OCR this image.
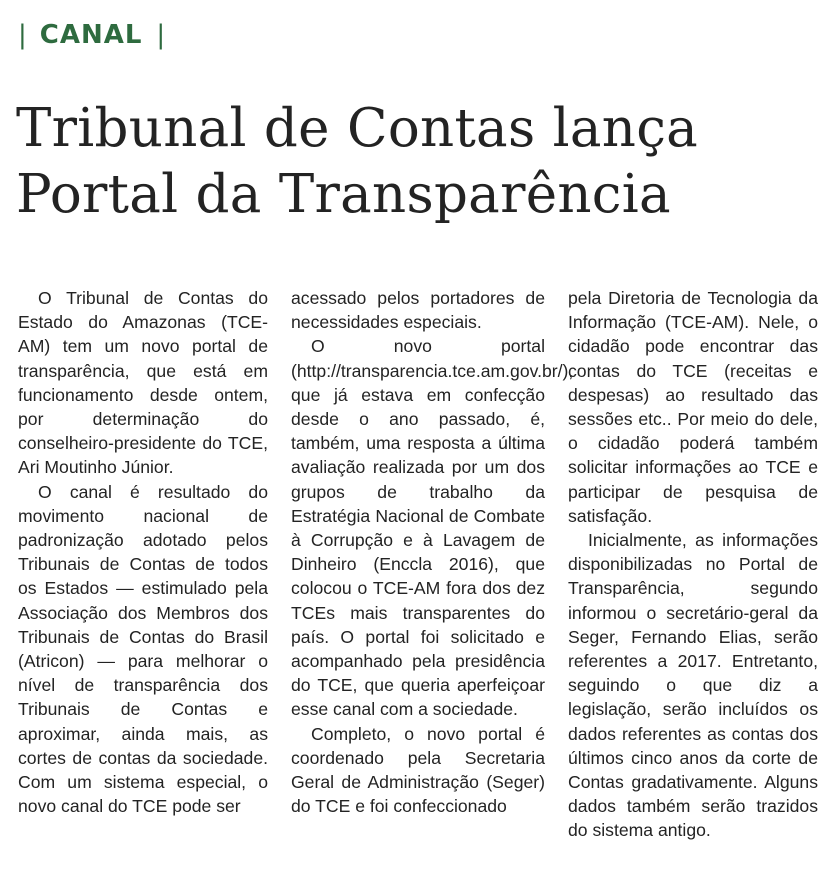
| CANAL |
Tribunal de Contas lança
Portal da Transparência

O Tribunal de Contas do Estado do Amazonas (TCE-AM) tem um novo portal de transparência, que está em funcionamento desde ontem, por determinação do conselheiro-presidente do TCE, Ari Moutinho Júnior.

O canal é resultado do movimento nacional de padronização adotado pelos Tribunais de Contas de todos os Estados — estimulado pela Associação dos Membros dos Tribunais de Contas do Brasil (Atricon) — para melhorar o nível de transparência dos Tribunais de Contas e aproximar, ainda mais, as cortes de contas da sociedade. Com um sistema especial, o novo canal do TCE pode ser

acessado pelos portadores de necessidades especiais.

O novo portal (http://transparencia.tce.am.gov.br/), que já estava em confecção desde o ano passado, é, também, uma resposta a última avaliação realizada por um dos grupos de trabalho da Estratégia Nacional de Combate à Corrupção e à Lavagem de Dinheiro (Enccla 2016), que colocou o TCE-AM fora dos dez TCEs mais transparentes do país. O portal foi solicitado e acompanhado pela presidência do TCE, que queria aperfeiçoar esse canal com a sociedade.

Completo, o novo portal é coordenado pela Secretaria Geral de Administração (Seger) do TCE e foi confeccionado

pela Diretoria de Tecnologia da Informação (TCE-AM). Nele, o cidadão pode encontrar das contas do TCE (receitas e despesas) ao resultado das sessões etc.. Por meio do dele, o cidadão poderá também solicitar informações ao TCE e participar de pesquisa de satisfação.

Inicialmente, as informações disponibilizadas no Portal de Transparência, segundo informou o secretário-geral da Seger, Fernando Elias, serão referentes a 2017. Entretanto, seguindo o que diz a legislação, serão incluídos os dados referentes as contas dos últimos cinco anos da corte de Contas gradativamente. Alguns dados também serão trazidos do sistema antigo.
